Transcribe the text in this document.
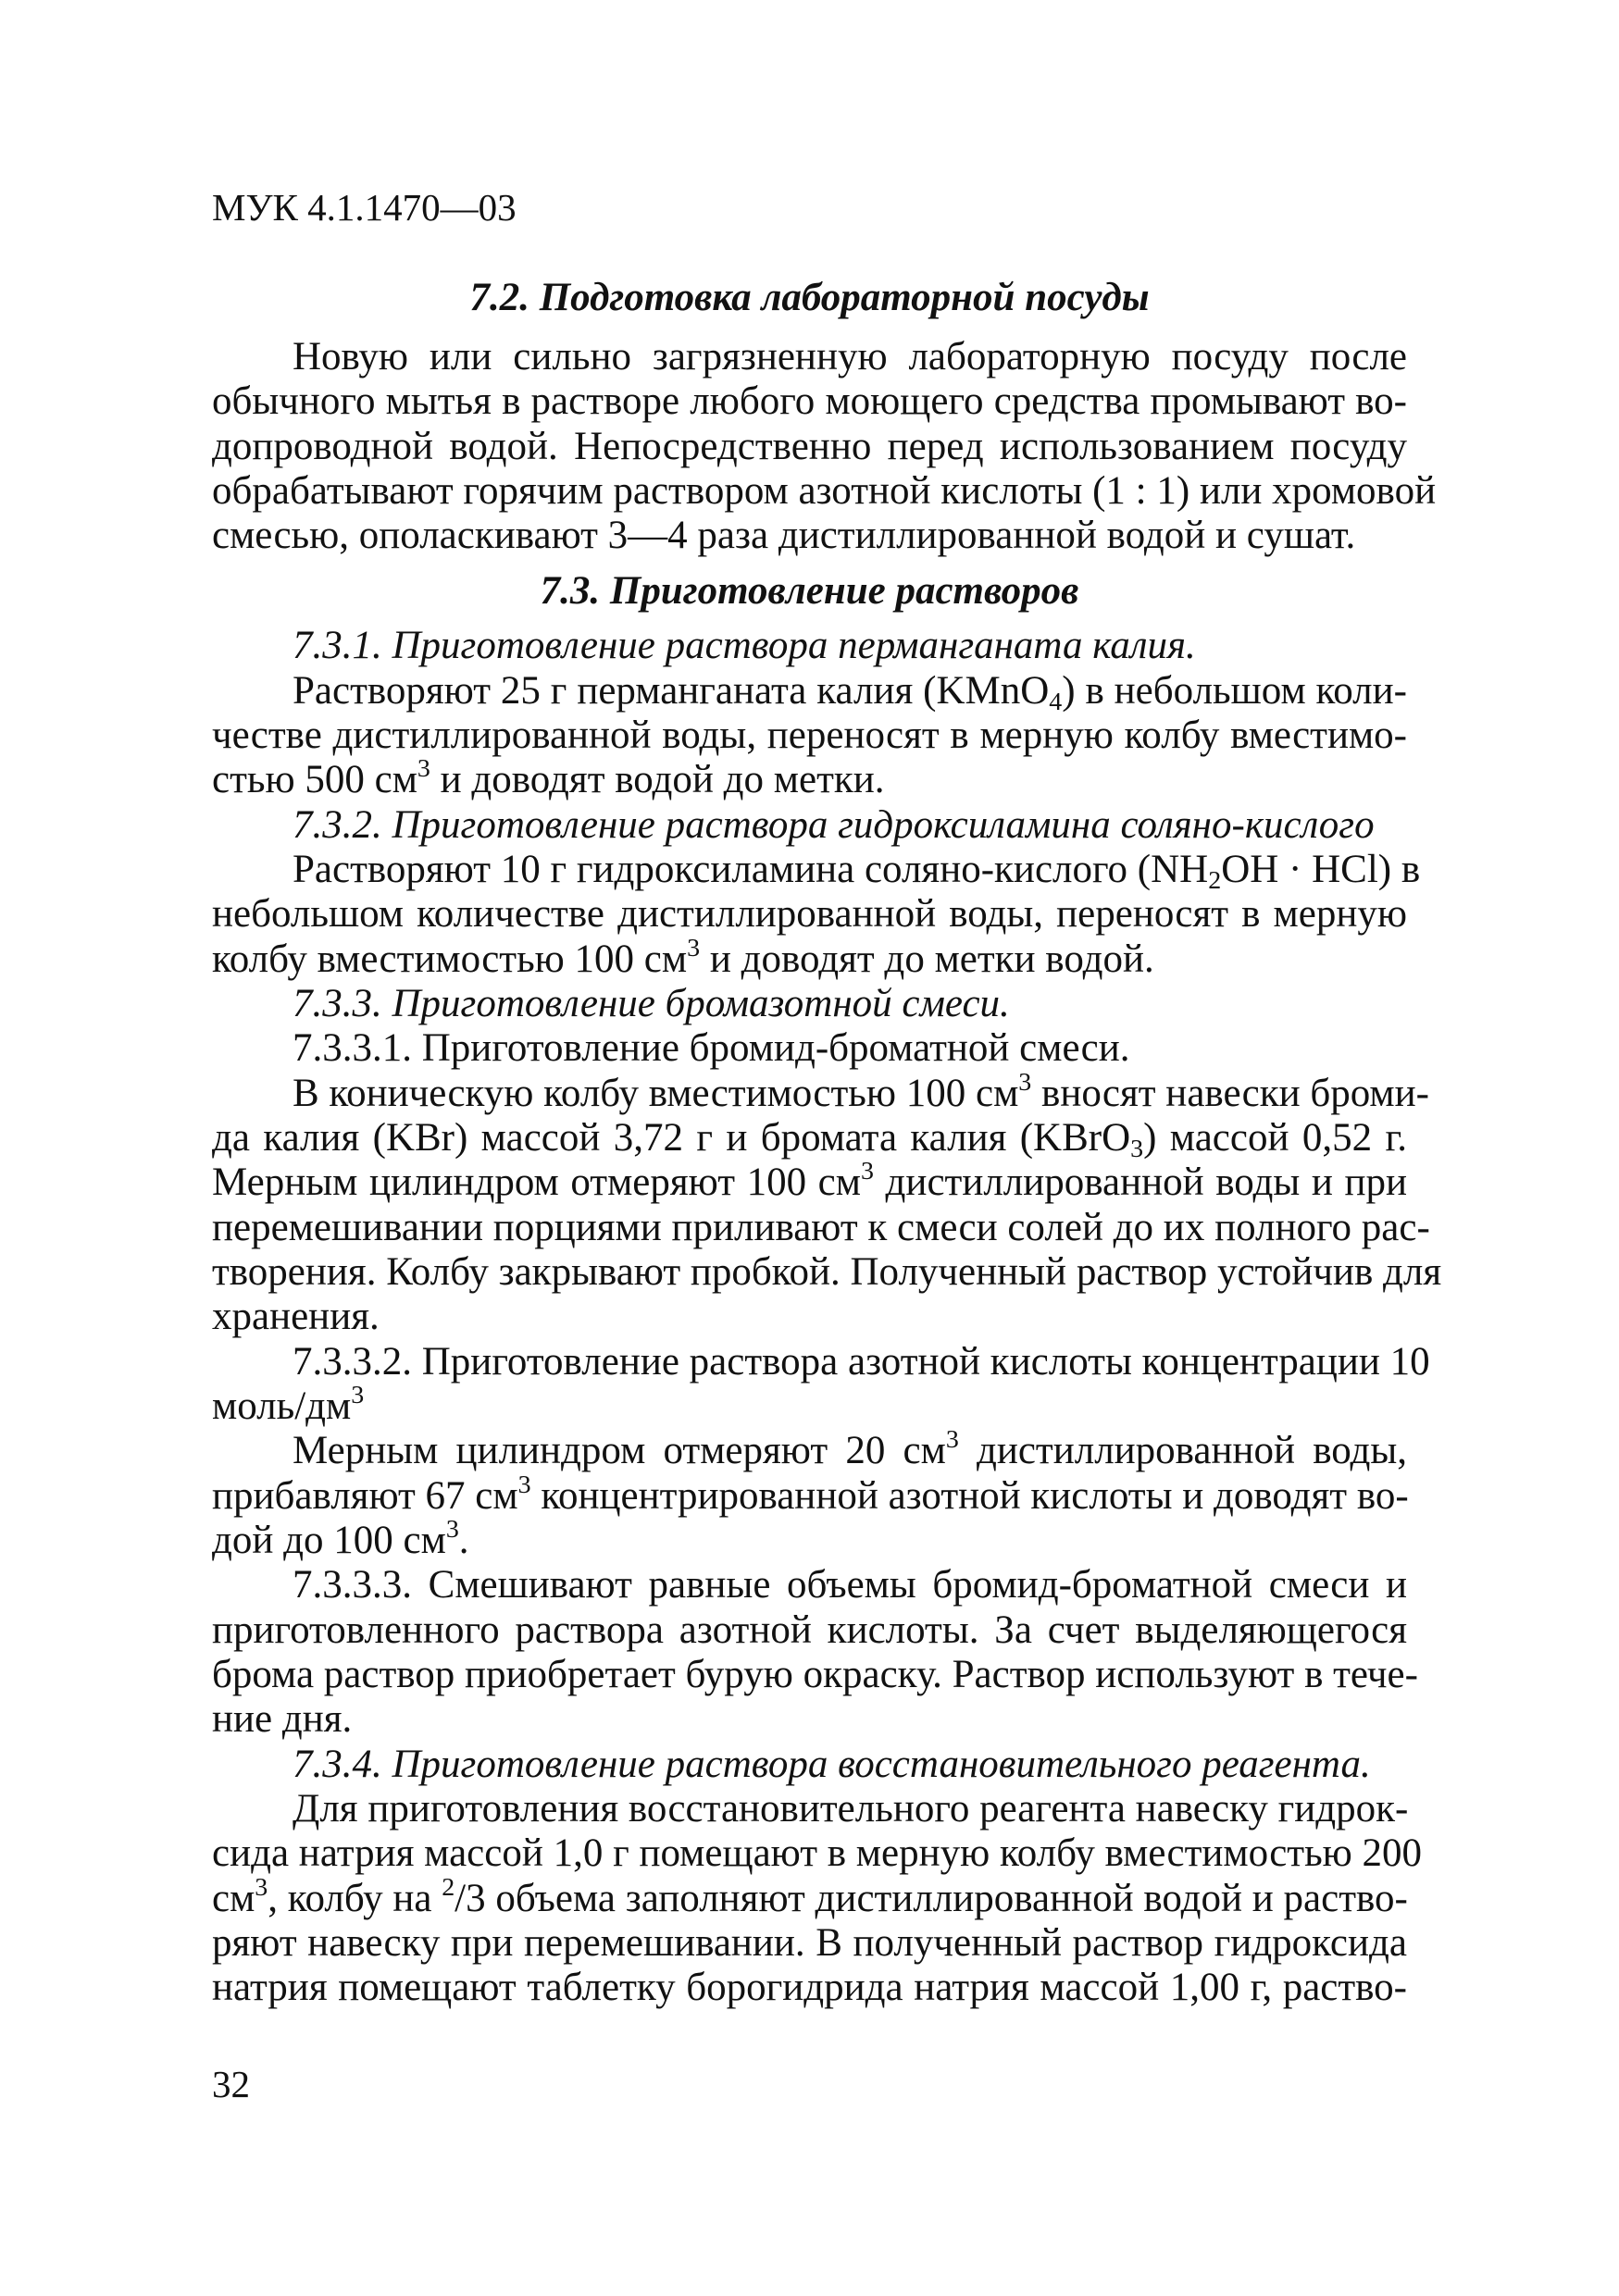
МУК 4.1.1470—03
7.2. Подготовка лабораторной посуды
Новую или сильно загрязненную лабораторную посуду после
обычного мытья в растворе любого моющего средства промывают во-
допроводной водой. Непосредственно перед использованием посуду
обрабатывают горячим раствором азотной кислоты (1 : 1) или хромовой
смесью, ополаскивают 3—4 раза дистиллированной водой и сушат.
7.3. Приготовление растворов
7.3.1. Приготовление раствора перманганата калия.
Растворяют 25 г перманганата калия (KMnO$_4$) в небольшом коли-
честве дистиллированной воды, переносят в мерную колбу вместимо-
стью 500 $см^3$ и доводят водой до метки.
7.3.2. Приготовление раствора гидроксиламина солянo-кислого
Растворяют 10 г гидроксиламина соляно-кислого $(NH_2OH \cdot HCl)$ в
небольшом количестве дистиллированной воды, переносят в мерную
колбу вместимостью 100 $см^3$ и доводят до метки водой.
7.3.3. Приготовление бромазотной смеси.
7.3.3.1. Приготовление бромид-броматной смеси.
В коническую колбу вместимостью 100 $см^3$ вносят навески броми-
да калия (KBr) массой 3,72 г и бромата калия (KBrO$_3$) массой 0,52 г.
Мерным цилиндром отмеряют 100 $см^3$ дистиллированной воды и при
перемешивании порциями приливают к смеси солей до их полного рас-
творения. Колбу закрывают пробкой. Полученный раствор устойчив для
хранения.
7.3.3.2. Приготовление раствора азотной кислоты концентрации 10
моль/$дм^3$
Мерным цилиндром отмеряют 20 $см^3$ дистиллированной воды,
прибавляют 67 $см^3$ концентрированной азотной кислоты и доводят во-
дой до 100 $см^3$.
7.3.3.3. Смешивают равные объемы бромид-броматной смеси и
приготовленного раствора азотной кислоты. За счет выделяющегося
брома раствор приобретает бурую окраску. Раствор используют в тече-
ние дня.
7.3.4. Приготовление раствора восстановительного реагента.
Для приготовления восстановительного реагента навеску гидрок-
сида натрия массой 1,0 г помещают в мерную колбу вместимостью 200
$см^3$, колбу на $^2$/3 объема заполняют дистиллированной водой и раство-
ряют навеску при перемешивании. В полученный раствор гидроксида
натрия помещают таблетку борогидрида натрия массой 1,00 г, раство-
32
